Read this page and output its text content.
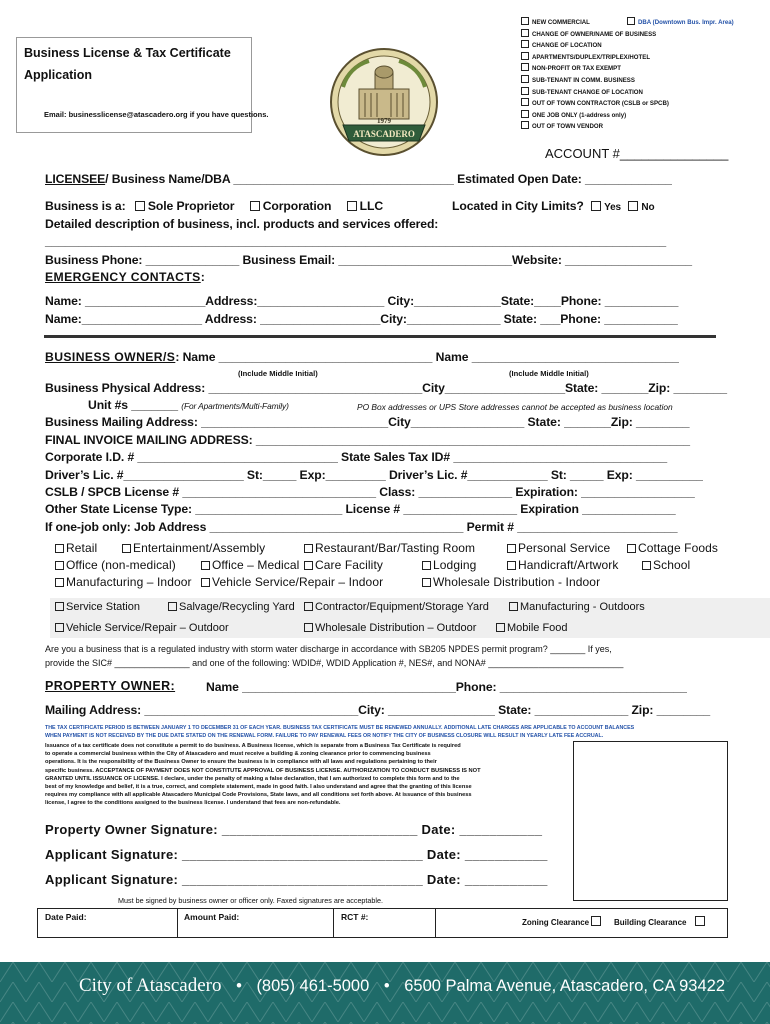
Business License & Tax Certificate
Application
Email: businesslicense@atascadero.org if you have questions.
ATASCADERO
1979
NEW COMMERCIAL
CHANGE OF OWNER/NAME OF BUSINESS
CHANGE OF LOCATION
APARTMENTS/DUPLEX/TRIPLEX/HOTEL
NON-PROFIT OR TAX EXEMPT
SUB-TENANT IN COMM. BUSINESS
SUB-TENANT CHANGE OF LOCATION
OUT OF TOWN CONTRACTOR (CSLB or SPCB)
ONE JOB ONLY (1-address only)
OUT OF TOWN VENDOR
DBA (Downtown Bus. Impr. Area)
ACCOUNT #_______________
LICENSEE/ Business Name/DBA _________________________________ Estimated Open Date: _____________
Business is a: Sole Proprietor Corporation LLC	Located in City Limits? Yes No
Detailed description of business, incl. products and services offered:
_____________________________________________________________________________________________
Business Phone: ______________ Business Email: __________________________Website: ___________________
EMERGENCY CONTACTS:
Name: __________________Address:___________________ City:_____________State:____Phone: ___________
Name:__________________ Address: __________________City:______________ State: ___Phone: ___________
BUSINESS OWNER/S: Name ________________________________ Name _______________________________
(Include Middle Initial)	(Include Middle Initial)
Business Physical Address: ________________________________City__________________State: _______Zip: ________
Unit #s _______ (For Apartments/Multi-Family)	PO Box addresses or UPS Store addresses cannot be accepted as business location
Business Mailing Address: ____________________________City_________________ State: _______Zip: ________
FINAL INVOICE MAILING ADDRESS: _________________________________________________________________
Corporate I.D. # ______________________________ State Sales Tax ID# ________________________________
Driver’s Lic. #__________________ St:_____ Exp:_________ Driver’s Lic. #____________ St: _____ Exp: __________
CSLB / SPCB License # _____________________________ Class: ______________ Expiration: _________________
Other State License Type: ______________________ License # _________________ Expiration ______________
If one-job only: Job Address ______________________________________ Permit # ________________________
Retail	Entertainment/Assembly	Restaurant/Bar/Tasting Room	Personal Service	Cottage Foods
Office (non-medical)	Office – Medical	Care Facility	Lodging	Handicraft/Artwork	School
Manufacturing – Indoor	Vehicle Service/Repair – Indoor	Wholesale Distribution - Indoor
Service Station	Salvage/Recycling Yard	Contractor/Equipment/Storage Yard	Manufacturing - Outdoors
Vehicle Service/Repair – Outdoor	Wholesale Distribution – Outdoor	Mobile Food
Are you a business that is a regulated industry with storm water discharge in accordance with SB205 NPDES permit program? _______ If yes,
provide the SIC# _______________ and one of the following: WDID#, WDID Application #, NES#, and NONA# ___________________________
PROPERTY OWNER:	Name ________________________________Phone: ____________________________
Mailing Address: ________________________________City: ________________ State: ______________ Zip: ________
THE TAX CERTIFICATE PERIOD IS BETWEEN JANUARY 1 TO DECEMBER 31 OF EACH YEAR. BUSINESS TAX CERTIFICATE MUST BE RENEWED ANNUALLY. ADDITIONAL LATE CHARGES ARE APPLICABLE TO ACCOUNT BALANCES
WHEN PAYMENT IS NOT RECEIVED BY THE DUE DATE STATED ON THE RENEWAL FORM. FAILURE TO PAY RENEWAL FEES OR NOTIFY THE CITY OF BUSINESS CLOSURE WILL RESULT IN YEARLY LATE FEE ACCRUAL.
Issuance of a tax certificate does not constitute a permit to do business. A Business license, which is separate from a Business Tax Certificate is required
to operate a commercial business within the City of Atascadero and must receive a building & zoning clearance prior to commencing business
operations. It is the responsibility of the Business Owner to ensure the business is in compliance with all laws and regulations pertaining to their
specific business. ACCEPTANCE OF PAYMENT DOES NOT CONSTITUTE APPROVAL OF BUSINESS LICENSE. AUTHORIZATION TO CONDUCT BUSINESS IS NOT
GRANTED UNTIL ISSUANCE OF LICENSE. I declare, under the penalty of making a false declaration, that I am authorized to complete this form and to the
best of my knowledge and belief, it is a true, correct, and complete statement, made in good faith. I also understand and agree that the granting of this license
requires my compliance with all applicable Atascadero Municipal Code Provisions, State laws, and all conditions set forth above. At issuance of this business
license, I agree to the conditions assigned to the business license. I understand that fees are non-refundable.
Property Owner Signature: __________________________ Date: ___________
Applicant Signature: ________________________________ Date: ___________
Applicant Signature: ________________________________ Date: ___________
Must be signed by business owner or officer only. Faxed signatures are acceptable.
Date Paid:	Amount Paid:	RCT #:
Zoning Clearance	Building Clearance
City of Atascadero • (805) 461-5000 • 6500 Palma Avenue, Atascadero, CA 93422
